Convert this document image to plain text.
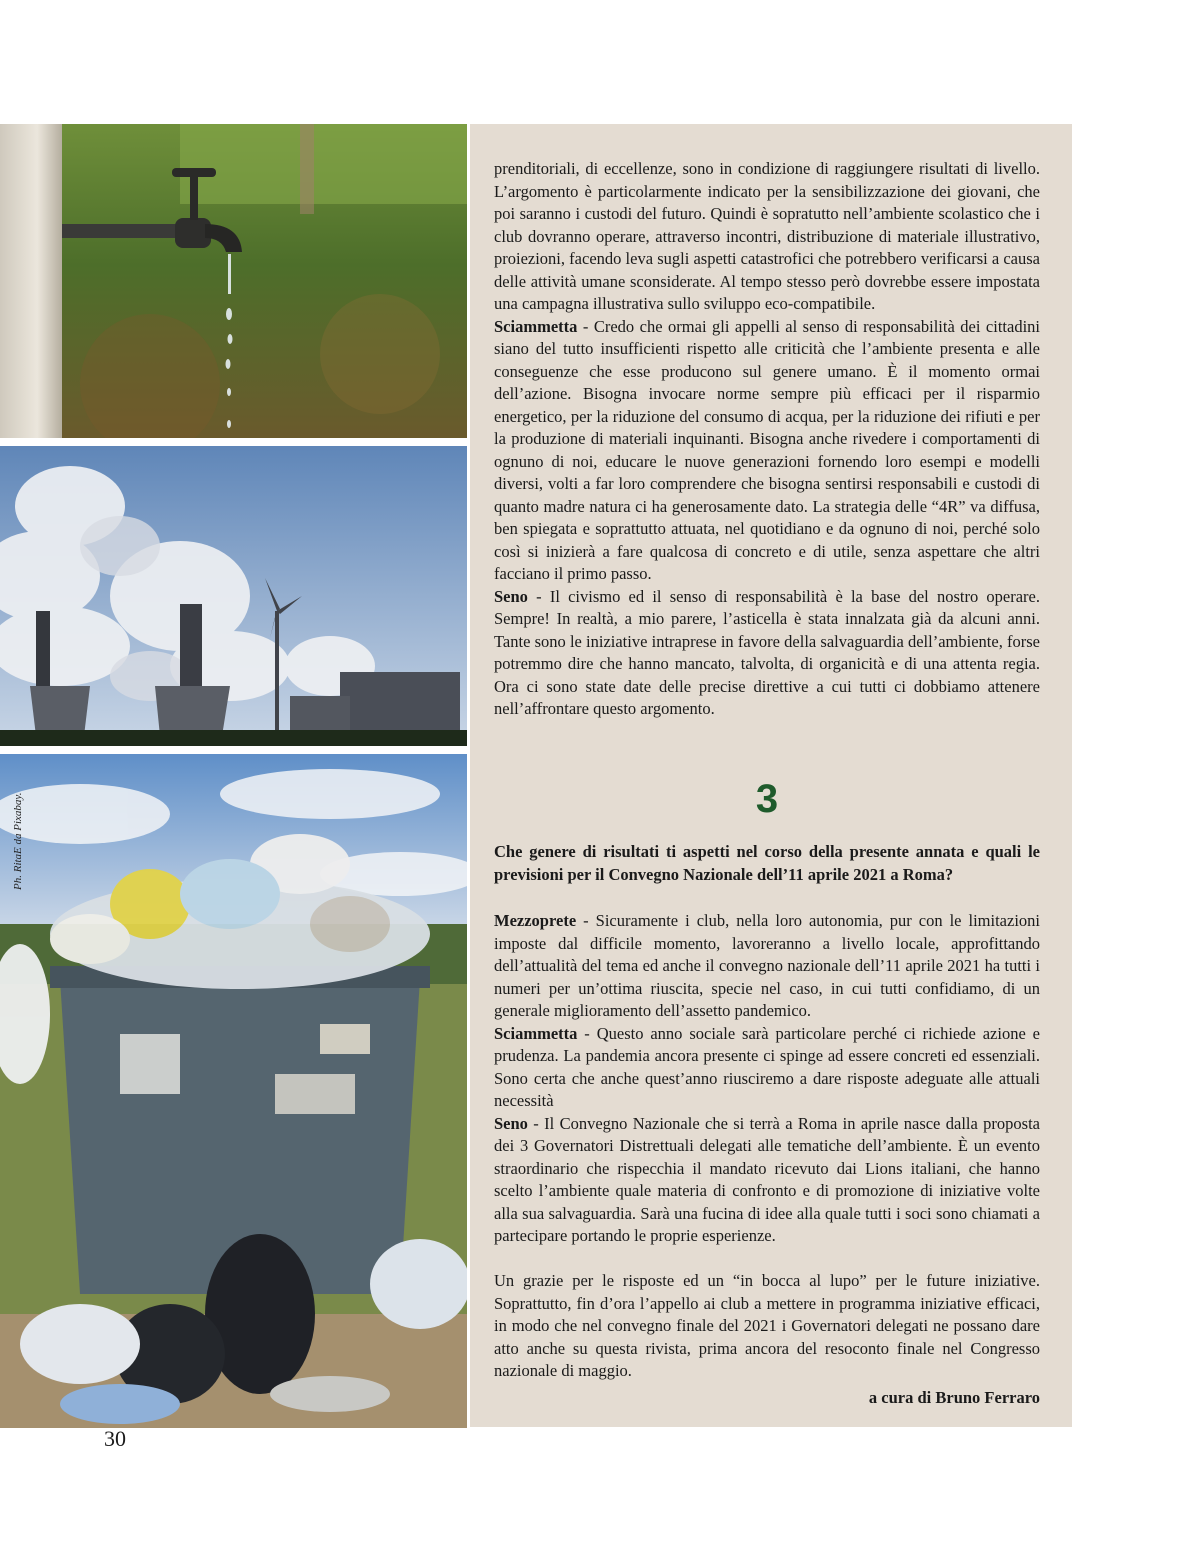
Ph. RitaE da Pixabay.

prenditoriali, di eccellenze, sono in condizione di raggiungere risultati di livello. L’argomento è particolarmente indicato per la sensibilizzazione dei giovani, che poi saranno i custodi del futuro. Quindi è sopratutto nell’ambiente scolastico che i club dovranno operare, attraverso incontri, distribuzione di materiale illustrativo, proiezioni, facendo leva sugli aspetti catastrofici che potrebbero verificarsi a causa delle attività umane sconsiderate. Al tempo stesso però dovrebbe essere impostata una campagna illustrativa sullo sviluppo eco-compatibile.

Sciammetta - Credo che ormai gli appelli al senso di responsabilità dei cittadini siano del tutto insufficienti rispetto alle criticità che l’ambiente presenta e alle conseguenze che esse producono sul genere umano. È il momento ormai dell’azione. Bisogna invocare norme sempre più efficaci per il risparmio energetico, per la riduzione del consumo di acqua, per la riduzione dei rifiuti e per la produzione di materiali inquinanti. Bisogna anche rivedere i comportamenti di ognuno di noi, educare le nuove generazioni fornendo loro esempi e modelli diversi, volti a far loro comprendere che bisogna sentirsi responsabili e custodi di quanto madre natura ci ha generosamente dato. La strategia delle “4R” va diffusa, ben spiegata e soprattutto attuata, nel quotidiano e da ognuno di noi, perché solo così si inizierà a fare qualcosa di concreto e di utile, senza aspettare che altri facciano il primo passo.

Seno - Il civismo ed il senso di responsabilità è la base del nostro operare. Sempre! In realtà, a mio parere, l’asticella è stata innalzata già da alcuni anni. Tante sono le iniziative intraprese in favore della salvaguardia dell’ambiente, forse potremmo dire che hanno mancato, talvolta, di organicità e di una attenta regia. Ora ci sono state date delle precise direttive a cui tutti ci dobbiamo attenere nell’affrontare questo argomento.

3
Che genere di risultati ti aspetti nel corso della presente annata e quali le previsioni per il Convegno Nazionale dell’11 aprile 2021 a Roma?

Mezzoprete - Sicuramente i club, nella loro autonomia, pur con le limitazioni imposte dal difficile momento, lavoreranno a livello locale, approfittando dell’attualità del tema ed anche il convegno nazionale dell’11 aprile 2021 ha tutti i numeri per un’ottima riuscita, specie nel caso, in cui tutti confidiamo, di un generale miglioramento dell’assetto pandemico.

Sciammetta - Questo anno sociale sarà particolare perché ci richiede azione e prudenza. La pandemia ancora presente ci spinge ad essere concreti ed essenziali. Sono certa che anche quest’anno riusciremo a dare risposte adeguate alle attuali necessità

Seno - Il Convegno Nazionale che si terrà a Roma in aprile nasce dalla proposta dei 3 Governatori Distrettuali delegati alle tematiche dell’ambiente. È un evento straordinario che rispecchia il mandato ricevuto dai Lions italiani, che hanno scelto l’ambiente quale materia di confronto e di promozione di iniziative volte alla sua salvaguardia. Sarà una fucina di idee alla quale tutti i soci sono chiamati a partecipare portando le proprie esperienze.

Un grazie per le risposte ed un “in bocca al lupo” per le future iniziative. Soprattutto, fin d’ora l’appello ai club a mettere in programma iniziative efficaci, in modo che nel convegno finale del 2021 i Governatori delegati ne possano dare atto anche su questa rivista, prima ancora del resoconto finale nel Congresso nazionale di maggio.

a cura di Bruno Ferraro
30
